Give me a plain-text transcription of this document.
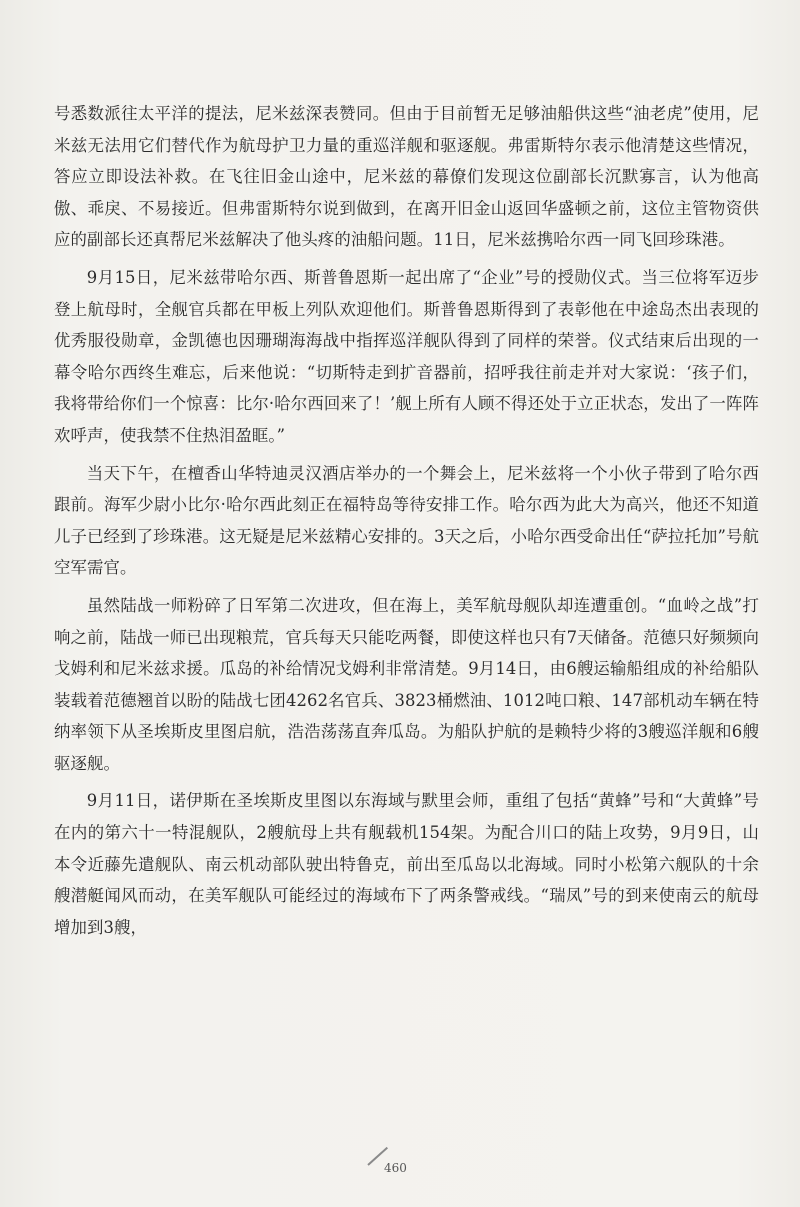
号悉数派往太平洋的提法，尼米兹深表赞同。但由于目前暂无足够油船供这些“油老虎”使用，尼米兹无法用它们替代作为航母护卫力量的重巡洋舰和驱逐舰。弗雷斯特尔表示他清楚这些情况，答应立即设法补救。在飞往旧金山途中，尼米兹的幕僚们发现这位副部长沉默寡言，认为他高傲、乖戾、不易接近。但弗雷斯特尔说到做到，在离开旧金山返回华盛顿之前，这位主管物资供应的副部长还真帮尼米兹解决了他头疼的油船问题。11日，尼米兹携哈尔西一同飞回珍珠港。

9月15日，尼米兹带哈尔西、斯普鲁恩斯一起出席了“企业”号的授勋仪式。当三位将军迈步登上航母时，全舰官兵都在甲板上列队欢迎他们。斯普鲁恩斯得到了表彰他在中途岛杰出表现的优秀服役勋章，金凯德也因珊瑚海海战中指挥巡洋舰队得到了同样的荣誉。仪式结束后出现的一幕令哈尔西终生难忘，后来他说：“切斯特走到扩音器前，招呼我往前走并对大家说：‘孩子们，我将带给你们一个惊喜：比尔·哈尔西回来了！’舰上所有人顾不得还处于立正状态，发出了一阵阵欢呼声，使我禁不住热泪盈眶。”

当天下午，在檀香山华特迪灵汉酒店举办的一个舞会上，尼米兹将一个小伙子带到了哈尔西跟前。海军少尉小比尔·哈尔西此刻正在福特岛等待安排工作。哈尔西为此大为高兴，他还不知道儿子已经到了珍珠港。这无疑是尼米兹精心安排的。3天之后，小哈尔西受命出任“萨拉托加”号航空军需官。

虽然陆战一师粉碎了日军第二次进攻，但在海上，美军航母舰队却连遭重创。“血岭之战”打响之前，陆战一师已出现粮荒，官兵每天只能吃两餐，即使这样也只有7天储备。范德只好频频向戈姆利和尼米兹求援。瓜岛的补给情况戈姆利非常清楚。9月14日，由6艘运输船组成的补给船队装载着范德翘首以盼的陆战七团4262名官兵、3823桶燃油、1012吨口粮、147部机动车辆在特纳率领下从圣埃斯皮里图启航，浩浩荡荡直奔瓜岛。为船队护航的是赖特少将的3艘巡洋舰和6艘驱逐舰。

9月11日，诺伊斯在圣埃斯皮里图以东海域与默里会师，重组了包括“黄蜂”号和“大黄蜂”号在内的第六十一特混舰队，2艘航母上共有舰载机154架。为配合川口的陆上攻势，9月9日，山本令近藤先遣舰队、南云机动部队驶出特鲁克，前出至瓜岛以北海域。同时小松第六舰队的十余艘潜艇闻风而动，在美军舰队可能经过的海域布下了两条警戒线。“瑞凤”号的到来使南云的航母增加到3艘，

460
